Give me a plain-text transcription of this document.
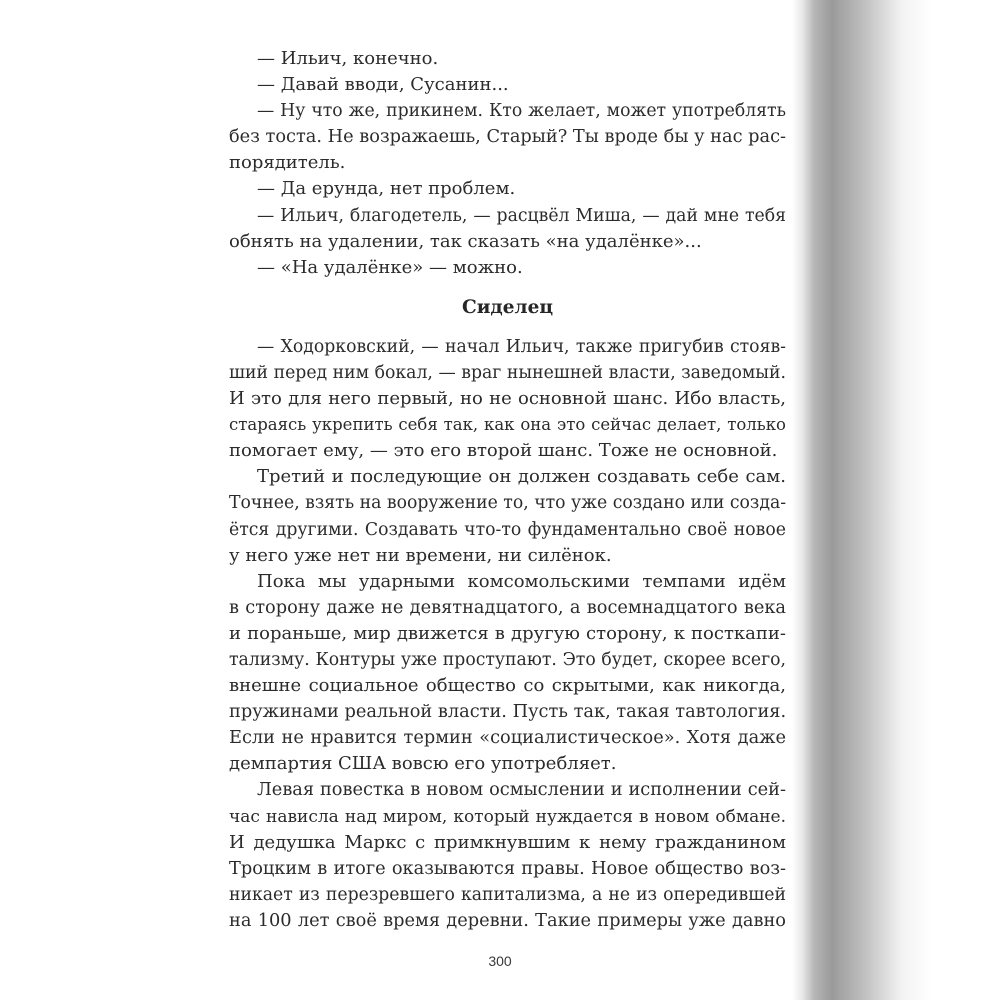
— Ильич, конечно.
— Давай вводи, Сусанин...
— Ну что же, прикинем. Кто желает, может употреблять
без тоста. Не возражаешь, Старый? Ты вроде бы у нас рас-
порядитель.
— Да ерунда, нет проблем.
— Ильич, благодетель, — расцвёл Миша, — дай мне тебя
обнять на удалении, так сказать «на удалёнке»...
— «На удалёнке» — можно.
Сиделец
— Ходорковский, — начал Ильич, также пригубив стояв-
ший перед ним бокал, — враг нынешней власти, заведомый.
И это для него первый, но не основной шанс. Ибо власть,
стараясь укрепить себя так, как она это сейчас делает, только
помогает ему, — это его второй шанс. Тоже не основной.
Третий и последующие он должен создавать себе сам.
Точнее, взять на вооружение то, что уже создано или созда-
ётся другими. Создавать что-то фундаментально своё новое
у него уже нет ни времени, ни силёнок.
Пока мы ударными комсомольскими темпами идём
в сторону даже не девятнадцатого, а восемнадцатого века
и пораньше, мир движется в другую сторону, к посткапи-
тализму. Контуры уже проступают. Это будет, скорее всего,
внешне социальное общество со скрытыми, как никогда,
пружинами реальной власти. Пусть так, такая тавтология.
Если не нравится термин «социалистическое». Хотя даже
демпартия США вовсю его употребляет.
Левая повестка в новом осмыслении и исполнении сей-
час нависла над миром, который нуждается в новом обмане.
И дедушка Маркс с примкнувшим к нему гражданином
Троцким в итоге оказываются правы. Новое общество воз-
никает из перезревшего капитализма, а не из опередившей
на 100 лет своё время деревни. Такие примеры уже давно
300
